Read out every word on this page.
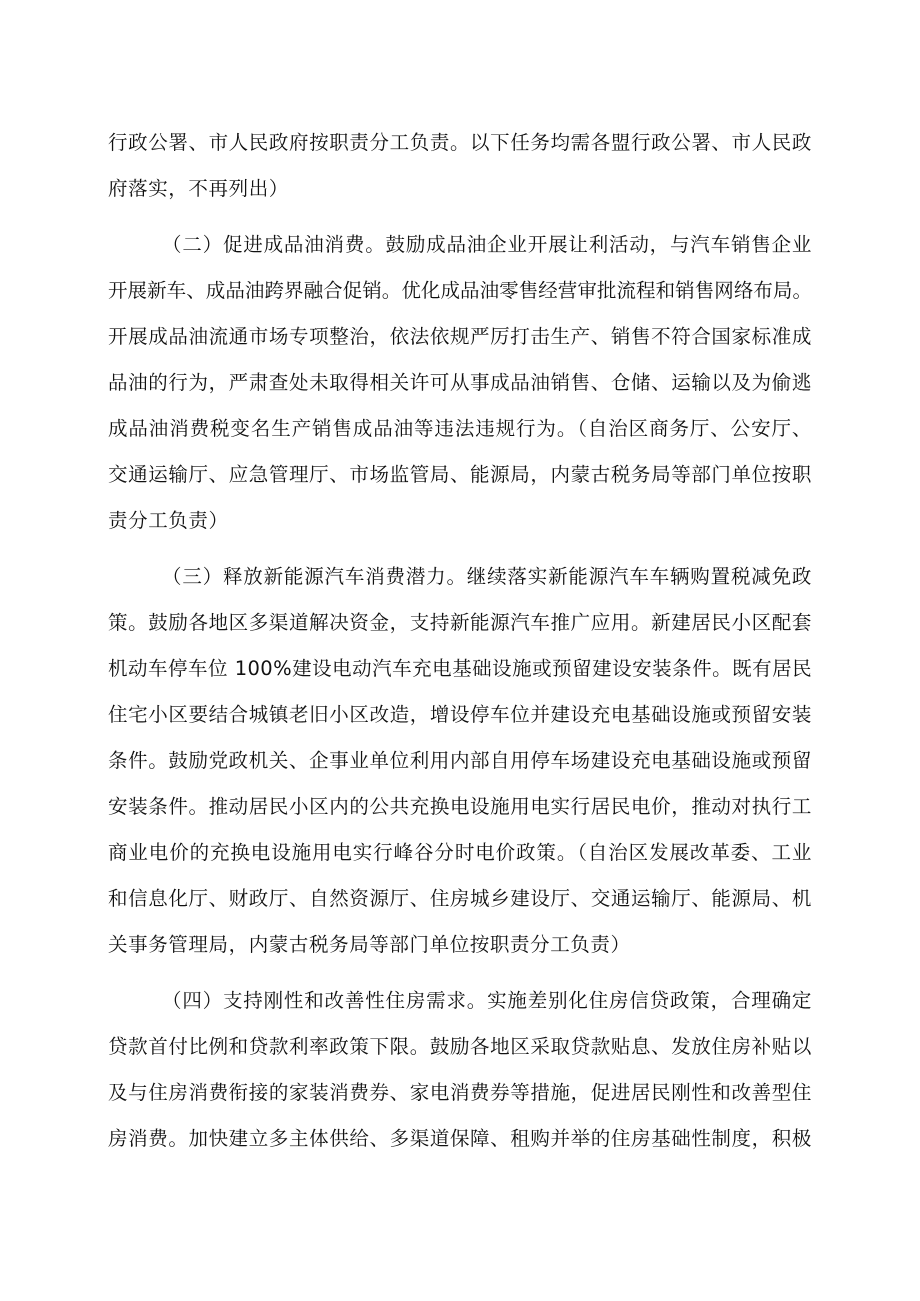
行政公署、市人民政府按职责分工负责。以下任务均需各盟行政公署、市人民政
府落实，不再列出）
（二）促进成品油消费。鼓励成品油企业开展让利活动，与汽车销售企业
开展新车、成品油跨界融合促销。优化成品油零售经营审批流程和销售网络布局。
开展成品油流通市场专项整治，依法依规严厉打击生产、销售不符合国家标准成
品油的行为，严肃查处未取得相关许可从事成品油销售、仓储、运输以及为偷逃
成品油消费税变名生产销售成品油等违法违规行为。（自治区商务厅、公安厅、
交通运输厅、应急管理厅、市场监管局、能源局，内蒙古税务局等部门单位按职
责分工负责）
（三）释放新能源汽车消费潜力。继续落实新能源汽车车辆购置税减免政
策。鼓励各地区多渠道解决资金，支持新能源汽车推广应用。新建居民小区配套
机动车停车位 100%建设电动汽车充电基础设施或预留建设安装条件。既有居民
住宅小区要结合城镇老旧小区改造，增设停车位并建设充电基础设施或预留安装
条件。鼓励党政机关、企事业单位利用内部自用停车场建设充电基础设施或预留
安装条件。推动居民小区内的公共充换电设施用电实行居民电价，推动对执行工
商业电价的充换电设施用电实行峰谷分时电价政策。（自治区发展改革委、工业
和信息化厅、财政厅、自然资源厅、住房城乡建设厅、交通运输厅、能源局、机
关事务管理局，内蒙古税务局等部门单位按职责分工负责）
（四）支持刚性和改善性住房需求。实施差别化住房信贷政策，合理确定
贷款首付比例和贷款利率政策下限。鼓励各地区采取贷款贴息、发放住房补贴以
及与住房消费衔接的家装消费券、家电消费券等措施，促进居民刚性和改善型住
房消费。加快建立多主体供给、多渠道保障、租购并举的住房基础性制度，积极
